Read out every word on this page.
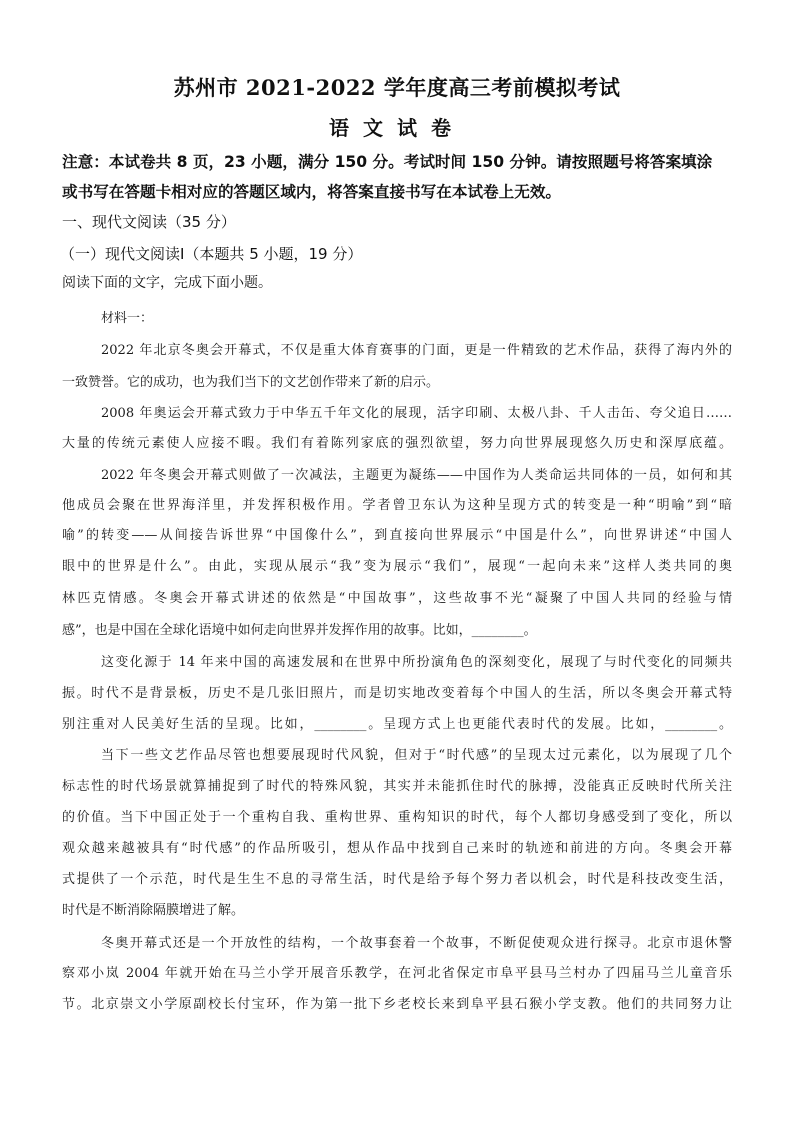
苏州市 2021-2022 学年度高三考前模拟考试
语文试卷
注意：本试卷共 8 页，23 小题，满分 150 分。考试时间 150 分钟。请按照题号将答案填涂
或书写在答题卡相对应的答题区域内，将答案直接书写在本试卷上无效。
一、现代文阅读（35 分）
（一）现代文阅读Ⅰ（本题共 5 小题，19 分）
阅读下面的文字，完成下面小题。
材料一：
2022 年北京冬奥会开幕式，不仅是重大体育赛事的门面，更是一件精致的艺术作品，获得了海内外的
一致赞誉。它的成功，也为我们当下的文艺创作带来了新的启示。
2008 年奥运会开幕式致力于中华五千年文化的展现，活字印刷、太极八卦、千人击缶、夸父追日……
大量的传统元素使人应接不暇。我们有着陈列家底的强烈欲望，努力向世界展现悠久历史和深厚底蕴。
2022 年冬奥会开幕式则做了一次减法，主题更为凝练——中国作为人类命运共同体的一员，如何和其
他成员会聚在世界海洋里，并发挥积极作用。学者曾卫东认为这种呈现方式的转变是一种“明喻”到“暗
喻”的转变——从间接告诉世界“中国像什么”，到直接向世界展示“中国是什么”，向世界讲述“中国人
眼中的世界是什么”。由此，实现从展示“我”变为展示“我们”，展现“一起向未来”这样人类共同的奥
林匹克情感。冬奥会开幕式讲述的依然是“中国故事”，这些故事不光“凝聚了中国人共同的经验与情
感”，也是中国在全球化语境中如何走向世界并发挥作用的故事。比如，________。
这变化源于 14 年来中国的高速发展和在世界中所扮演角色的深刻变化，展现了与时代变化的同频共
振。时代不是背景板，历史不是几张旧照片，而是切实地改变着每个中国人的生活，所以冬奥会开幕式特
别注重对人民美好生活的呈现。比如，________。呈现方式上也更能代表时代的发展。比如，________。
当下一些文艺作品尽管也想要展现时代风貌，但对于“时代感”的呈现太过元素化，以为展现了几个
标志性的时代场景就算捕捉到了时代的特殊风貌，其实并未能抓住时代的脉搏，没能真正反映时代所关注
的价值。当下中国正处于一个重构自我、重构世界、重构知识的时代，每个人都切身感受到了变化，所以
观众越来越被具有“时代感”的作品所吸引，想从作品中找到自己来时的轨迹和前进的方向。冬奥会开幕
式提供了一个示范，时代是生生不息的寻常生活，时代是给予每个努力者以机会，时代是科技改变生活，
时代是不断消除隔膜增进了解。
冬奥开幕式还是一个开放性的结构，一个故事套着一个故事，不断促使观众进行探寻。北京市退休警
察邓小岚 2004 年就开始在马兰小学开展音乐教学，在河北省保定市阜平县马兰村办了四届马兰儿童音乐
节。北京崇文小学原副校长付宝环，作为第一批下乡老校长来到阜平县石猴小学支教。他们的共同努力让
